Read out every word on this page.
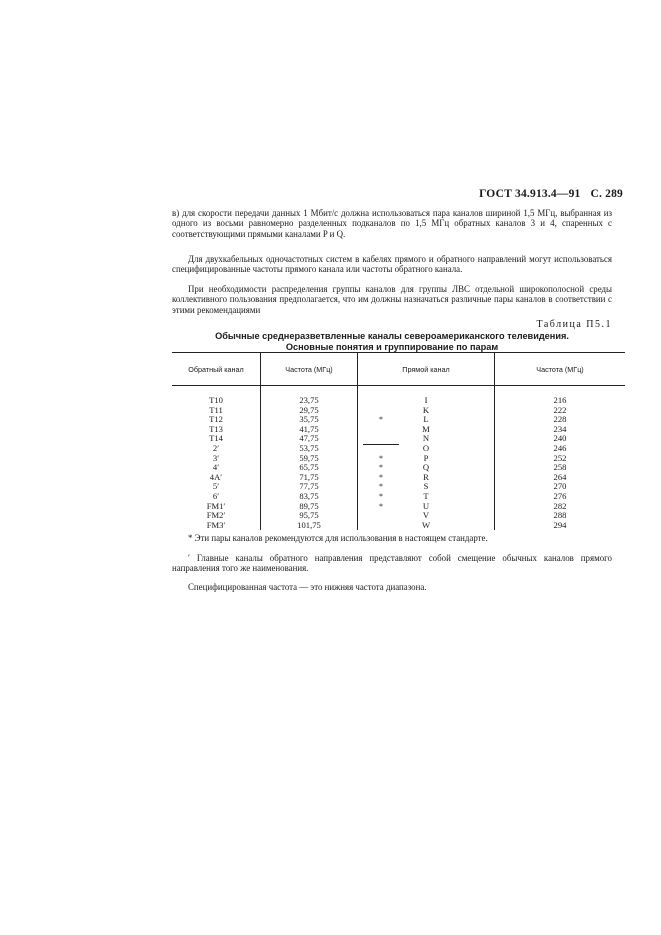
ГОСТ 34.913.4—91 С. 289

в) для скорости передачи данных 1 Мбит/с должна использоваться пара каналов шириной 1,5 МГц, выбранная из одного из восьми равномерно разделенных подканалов по 1,5 МГц обратных каналов 3 и 4, спаренных с соответствующими прямыми каналами P и Q.

Для двухкабельных одночастотных систем в кабелях прямого и обратного направлений могут использоваться специфицированные частоты прямого канала или частоты обратного канала.

При необходимости распределения группы каналов для группы ЛВС отдельной широкополосной среды коллективного пользования предполагается, что им должны назначаться различные пары каналов в соответствии с этими рекомендациями

Таблица П5.1
Обычные среднеразветвленные каналы североамериканского телевидения.
Основные понятия и группирование по парам
Обратный канал	Частота (МГц)	Прямой канал	Частота (МГц)
T10	23,75	I	216
T11	29,75	K	222
T12	35,75 *	L	228
T13	41,75	M	234
T14	47,75	N	240
2′	53,75	O	246
3′	59,75 *	P	252
4′	65,75 *	Q	258
4A′	71,75 *	R	264
5′	77,75 *	S	270
6′	83,75 *	T	276
FM1′	89,75 *	U	282
FM2′	95,75	V	288
FM3′	101,75	W	294

* Эти пары каналов рекомендуются для использования в настоящем стандарте.

′ Главные каналы обратного направления представляют собой смещение обычных каналов прямого направления того же наименования.

Специфицированная частота — это нижняя частота диапазона.
